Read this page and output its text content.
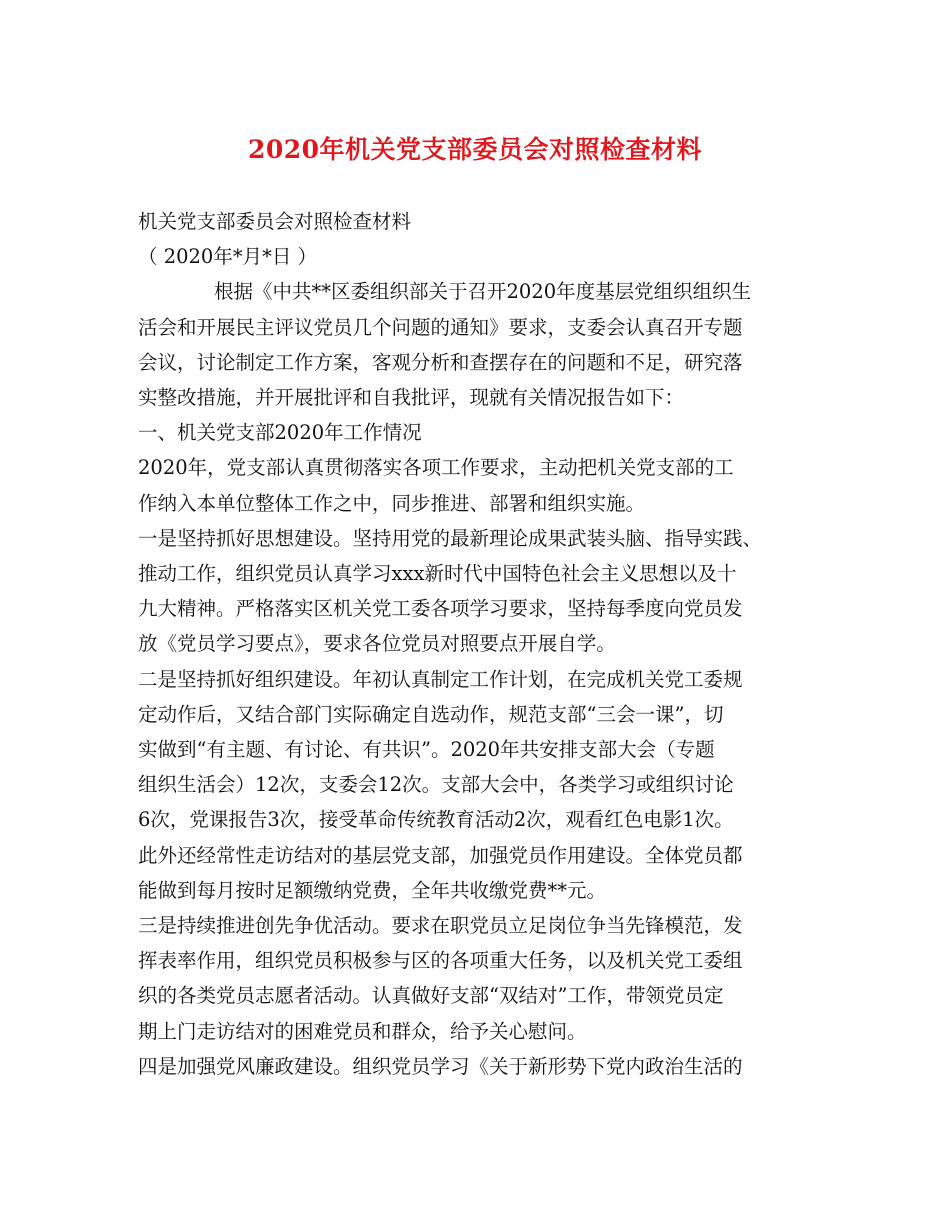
2020年机关党支部委员会对照检查材料

机关党支部委员会对照检查材料

（ 2020年*月*日 ）

根据《中共**区委组织部关于召开2020年度基层党组织组织生

活会和开展民主评议党员几个问题的通知》要求，支委会认真召开专题

会议，讨论制定工作方案，客观分析和查摆存在的问题和不足，研究落

实整改措施，并开展批评和自我批评，现就有关情况报告如下：

一、机关党支部2020年工作情况

2020年，党支部认真贯彻落实各项工作要求，主动把机关党支部的工

作纳入本单位整体工作之中，同步推进、部署和组织实施。

一是坚持抓好思想建设。坚持用党的最新理论成果武装头脑、指导实践、

推动工作，组织党员认真学习xxx新时代中国特色社会主义思想以及十

九大精神。严格落实区机关党工委各项学习要求，坚持每季度向党员发

放《党员学习要点》，要求各位党员对照要点开展自学。

二是坚持抓好组织建设。年初认真制定工作计划，在完成机关党工委规

定动作后，又结合部门实际确定自选动作，规范支部“三会一课”，切

实做到“有主题、有讨论、有共识”。2020年共安排支部大会（专题

组织生活会）12次，支委会12次。支部大会中，各类学习或组织讨论

6次，党课报告3次，接受革命传统教育活动2次，观看红色电影1次。

此外还经常性走访结对的基层党支部，加强党员作用建设。全体党员都

能做到每月按时足额缴纳党费，全年共收缴党费**元。

三是持续推进创先争优活动。要求在职党员立足岗位争当先锋模范，发

挥表率作用，组织党员积极参与区的各项重大任务，以及机关党工委组

织的各类党员志愿者活动。认真做好支部“双结对”工作，带领党员定

期上门走访结对的困难党员和群众，给予关心慰问。

四是加强党风廉政建设。组织党员学习《关于新形势下党内政治生活的
